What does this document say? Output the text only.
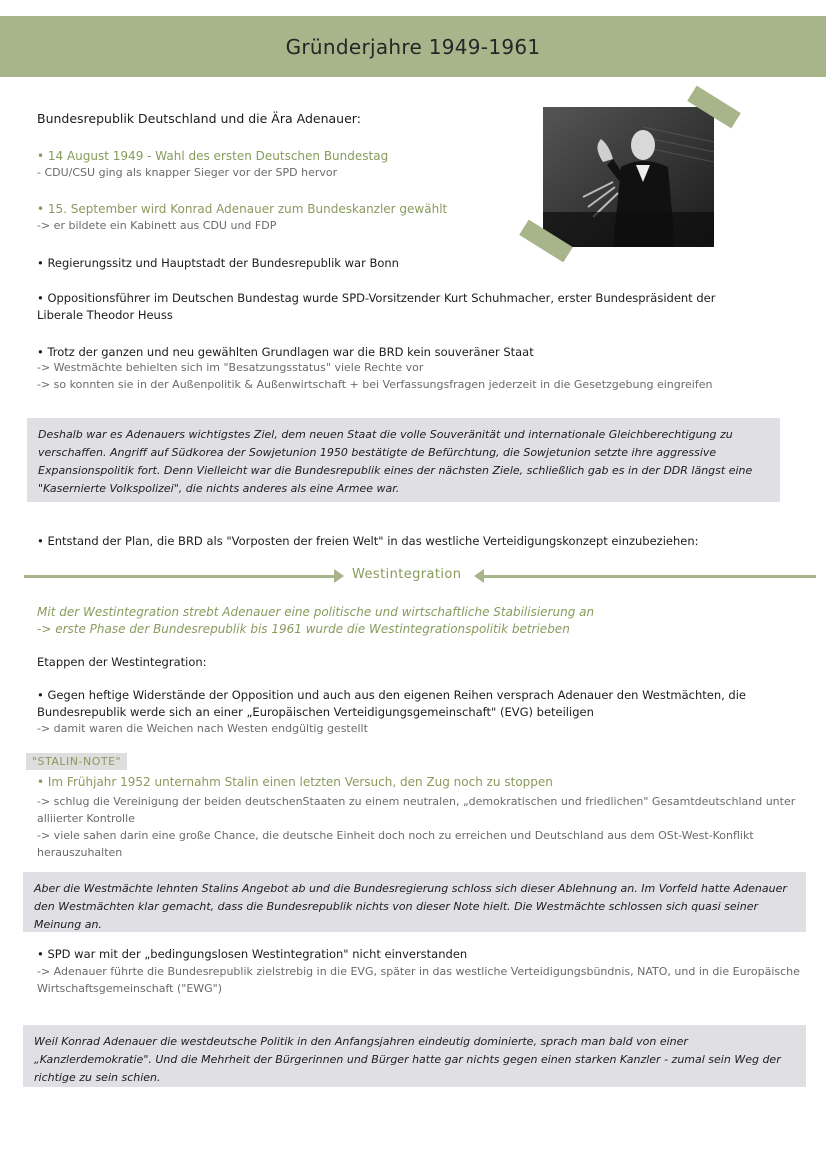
Gründerjahre 1949-1961
Bundesrepublik Deutschland und die Ära Adenauer:
• 14 August 1949 - Wahl des ersten Deutschen Bundestag
- CDU/CSU ging als knapper Sieger vor der SPD hervor
• 15. September wird Konrad Adenauer zum Bundeskanzler gewählt
-> er bildete ein Kabinett aus CDU und FDP
• Regierungssitz und Hauptstadt der Bundesrepublik war Bonn
• Oppositionsführer im Deutschen Bundestag wurde SPD-Vorsitzender Kurt Schuhmacher, erster Bundespräsident der Liberale Theodor Heuss
• Trotz der ganzen und neu gewählten Grundlagen war die BRD kein souveräner Staat
-> Westmächte behielten sich im "Besatzungsstatus" viele Rechte vor
-> so konnten sie in der Außenpolitik & Außenwirtschaft + bei Verfassungsfragen jederzeit in die Gesetzgebung eingreifen
Deshalb war es Adenauers wichtigstes Ziel, dem neuen Staat die volle Souveränität und internationale Gleichberechtigung zu verschaffen. Angriff auf Südkorea der Sowjetunion 1950 bestätigte de Befürchtung, die Sowjetunion setzte ihre aggressive Expansionspolitik fort. Denn Vielleicht war die Bundesrepublik eines der nächsten Ziele, schließlich gab es in der DDR längst eine "Kasernierte Volkspolizei", die nichts anderes als eine Armee war.
• Entstand der Plan, die BRD als "Vorposten der freien Welt" in das westliche Verteidigungskonzept einzubeziehen:
Westintegration
Mit der Westintegration strebt Adenauer eine politische und wirtschaftliche Stabilisierung an
-> erste Phase der Bundesrepublik bis 1961 wurde die Westintegrationspolitik betrieben
Etappen der Westintegration:
• Gegen heftige Widerstände der Opposition und auch aus den eigenen Reihen versprach Adenauer den Westmächten, die Bundesrepublik werde sich an einer „Europäischen Verteidigungsgemeinschaft" (EVG) beteiligen
-> damit waren die Weichen nach Westen endgültig gestellt
"STALIN-NOTE"
• Im Frühjahr 1952 unternahm Stalin einen letzten Versuch, den Zug noch zu stoppen
-> schlug die Vereinigung der beiden deutschenStaaten zu einem neutralen, „demokratischen und friedlichen" Gesamtdeutschland unter alliierter Kontrolle
-> viele sahen darin eine große Chance, die deutsche Einheit doch noch zu erreichen und Deutschland aus dem OSt-West-Konflikt herauszuhalten
Aber die Westmächte lehnten Stalins Angebot ab und die Bundesregierung schloss sich dieser Ablehnung an. Im Vorfeld hatte Adenauer den Westmächten klar gemacht, dass die Bundesrepublik nichts von dieser Note hielt. Die Westmächte schlossen sich quasi seiner Meinung an.
• SPD war mit der „bedingungslosen Westintegration" nicht einverstanden
-> Adenauer führte die Bundesrepublik zielstrebig in die EVG, später in das westliche Verteidigungsbündnis, NATO, und in die Europäische Wirtschaftsgemeinschaft ("EWG")
Weil Konrad Adenauer die westdeutsche Politik in den Anfangsjahren eindeutig dominierte, sprach man bald von einer „Kanzlerdemokratie". Und die Mehrheit der Bürgerinnen und Bürger hatte gar nichts gegen einen starken Kanzler - zumal sein Weg der richtige zu sein schien.
